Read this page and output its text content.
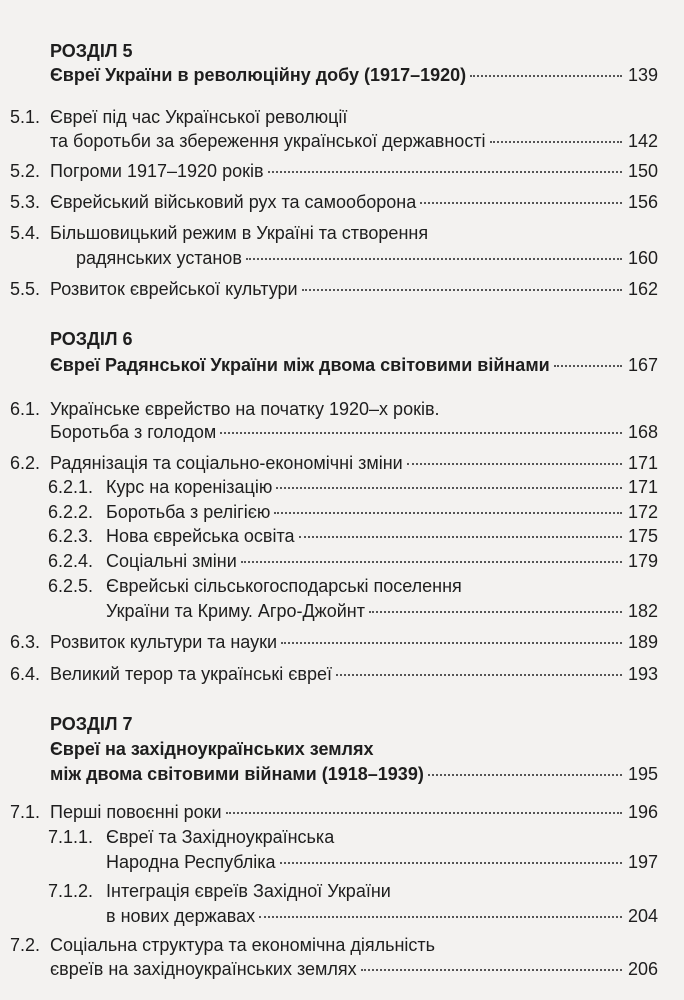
РОЗДІЛ 5
Євреї України в революційну добу (1917–1920)	139
5.1. Євреї під час Української революції
та боротьби за збереження української державності	142
5.2. Погроми 1917–1920 років	150
5.3. Єврейський військовий рух та самооборона	156
5.4. Більшовицький режим в Україні та створення
радянських установ	160
5.5. Розвиток єврейської культури	162
РОЗДІЛ 6
Євреї Радянської України між двома світовими війнами	167
6.1. Українське єврейство на початку 1920–х років.
Боротьба з голодом	168
6.2. Радянізація та соціально-економічні зміни	171
6.2.1. Курс на коренізацію	171
6.2.2. Боротьба з релігією	172
6.2.3. Нова єврейська освіта	175
6.2.4. Соціальні зміни	179
6.2.5. Єврейські сільськогосподарські поселення
України та Криму. Агро-Джойнт	182
6.3. Розвиток культури та науки	189
6.4. Великий терор та українські євреї	193
РОЗДІЛ 7
Євреї на західноукраїнських землях
між двома світовими війнами (1918–1939)	195
7.1. Перші повоєнні роки	196
7.1.1. Євреї та Західноукраїнська
Народна Республіка	197
7.1.2. Інтеграція євреїв Західної України
в нових державах	204
7.2. Соціальна структура та економічна діяльність
євреїв на західноукраїнських землях	206
